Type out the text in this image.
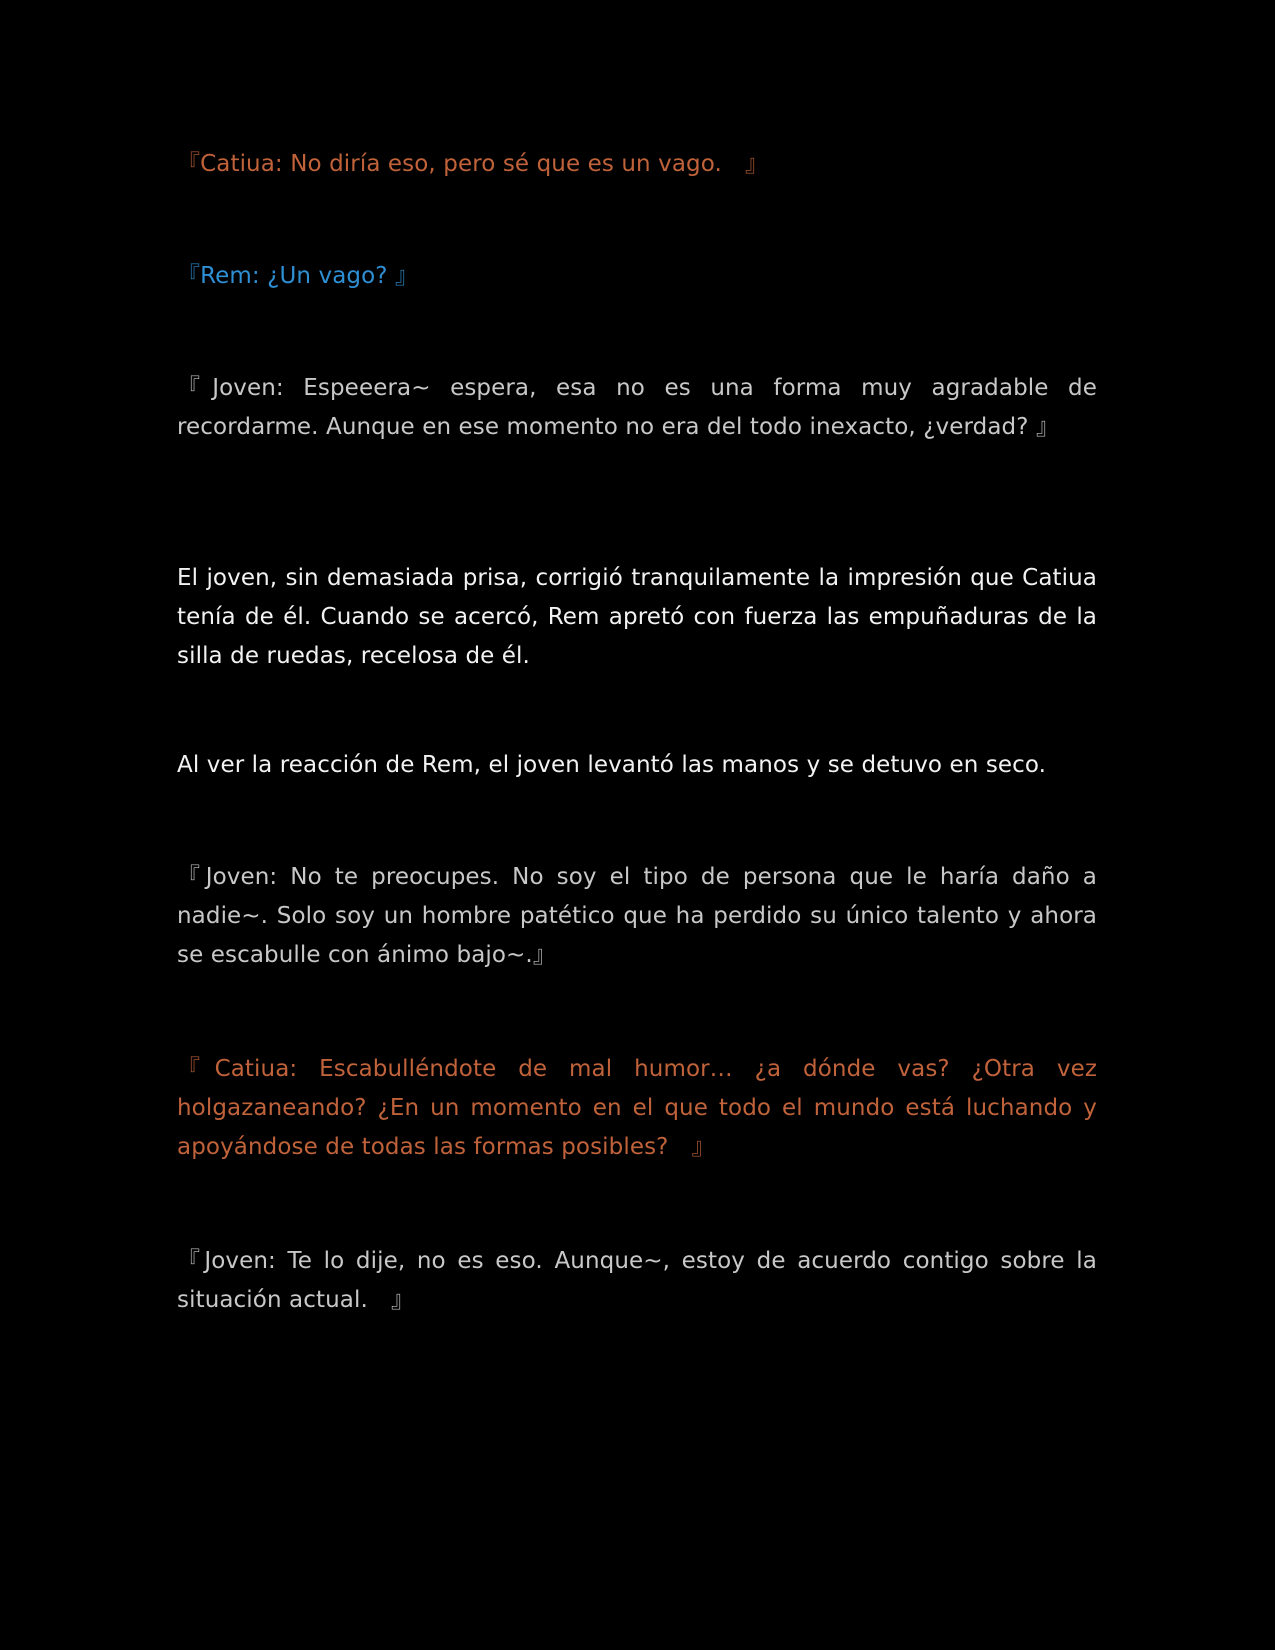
『Catiua: No diría eso, pero sé que es un vago.　』

『Rem: ¿Un vago? 』

『Joven: Espeeera~ espera, esa no es una forma muy agradable de recordarme. Aunque en ese momento no era del todo inexacto, ¿verdad? 』

El joven, sin demasiada prisa, corrigió tranquilamente la impresión que Catiua tenía de él. Cuando se acercó, Rem apretó con fuerza las empuñaduras de la silla de ruedas, recelosa de él.

Al ver la reacción de Rem, el joven levantó las manos y se detuvo en seco.

『Joven: No te preocupes. No soy el tipo de persona que le haría daño a nadie~. Solo soy un hombre patético que ha perdido su único talento y ahora se escabulle con ánimo bajo~.』

『Catiua: Escabulléndote de mal humor… ¿a dónde vas? ¿Otra vez holgazaneando? ¿En un momento en el que todo el mundo está luchando y apoyándose de todas las formas posibles?　』

『Joven: Te lo dije, no es eso. Aunque~, estoy de acuerdo contigo sobre la situación actual.　』
